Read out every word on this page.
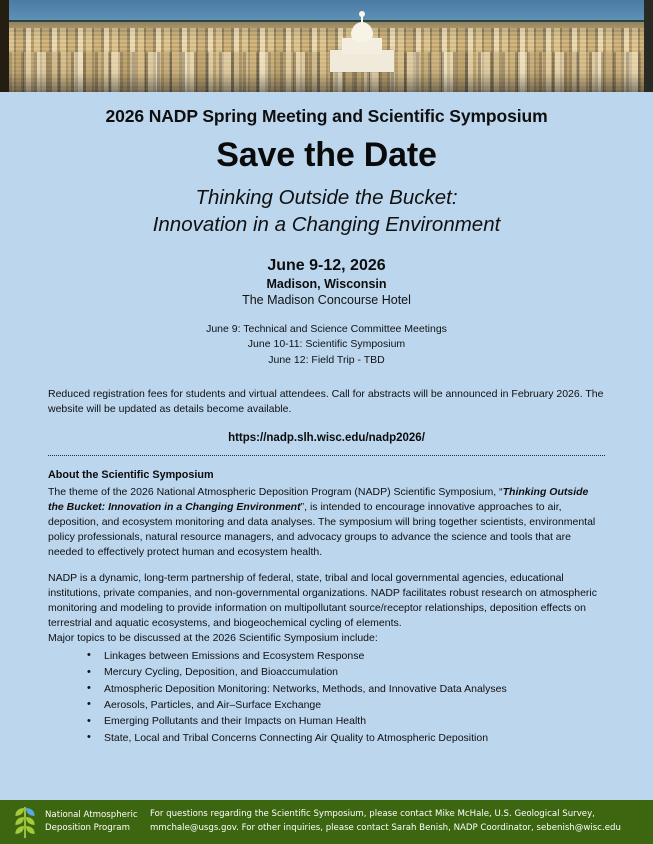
2026 NADP Spring Meeting and Scientific Symposium
Save the Date
Thinking Outside the Bucket:
Innovation in a Changing Environment
June 9-12, 2026
Madison, Wisconsin
The Madison Concourse Hotel
June 9: Technical and Science Committee Meetings
June 10-11: Scientific Symposium
June 12: Field Trip - TBD
Reduced registration fees for students and virtual attendees. Call for abstracts will be announced in February 2026. The website will be updated as details become available.
https://nadp.slh.wisc.edu/nadp2026/
About the Scientific Symposium

The theme of the 2026 National Atmospheric Deposition Program (NADP) Scientific Symposium, “Thinking Outside the Bucket: Innovation in a Changing Environment”, is intended to encourage innovative approaches to air, deposition, and ecosystem monitoring and data analyses. The symposium will bring together scientists, environmental policy professionals, natural resource managers, and advocacy groups to advance the science and tools that are needed to effectively protect human and ecosystem health.

NADP is a dynamic, long-term partnership of federal, state, tribal and local governmental agencies, educational institutions, private companies, and non-governmental organizations. NADP facilitates robust research on atmospheric monitoring and modeling to provide information on multipollutant source/receptor relationships, deposition effects on terrestrial and aquatic ecosystems, and biogeochemical cycling of elements.

Major topics to be discussed at the 2026 Scientific Symposium include:

• Linkages between Emissions and Ecosystem Response
• Mercury Cycling, Deposition, and Bioaccumulation
• Atmospheric Deposition Monitoring: Networks, Methods, and Innovative Data Analyses
• Aerosols, Particles, and Air–Surface Exchange
• Emerging Pollutants and their Impacts on Human Health
• State, Local and Tribal Concerns Connecting Air Quality to Atmospheric Deposition
National Atmospheric
Deposition Program
For questions regarding the Scientific Symposium, please contact Mike McHale, U.S. Geological Survey,
mmchale@usgs.gov. For other inquiries, please contact Sarah Benish, NADP Coordinator, sebenish@wisc.edu
